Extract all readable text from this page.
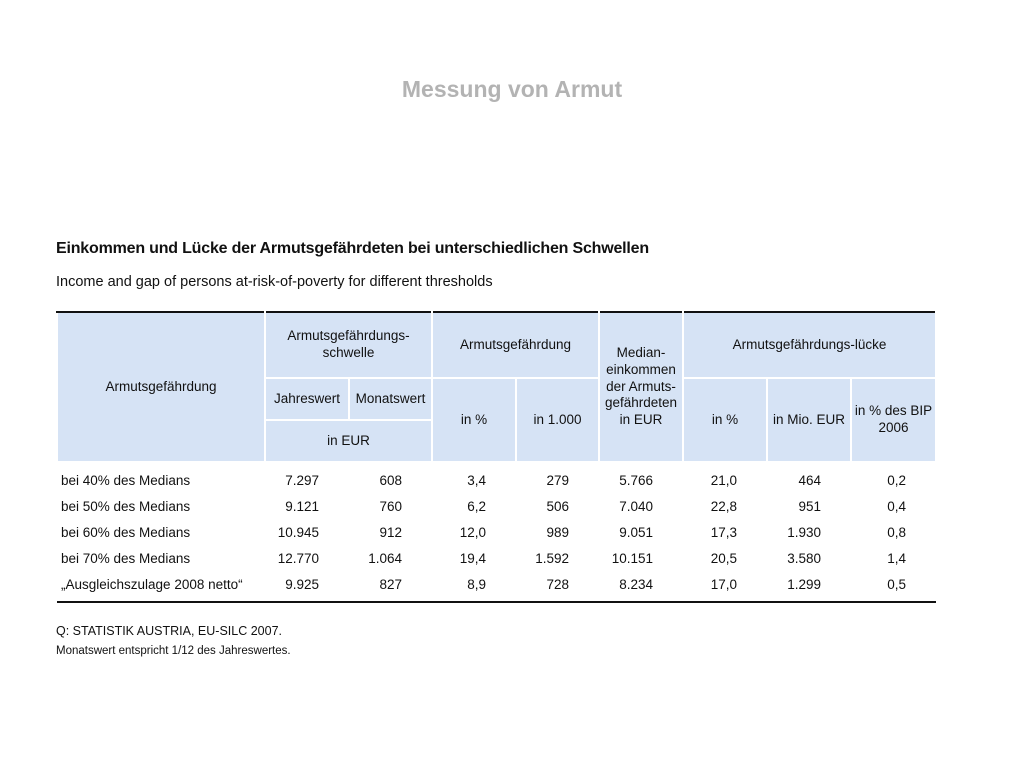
Messung von Armut
Einkommen und Lücke der Armutsgefährdeten bei unterschiedlichen Schwellen
Income and gap of persons at-risk-of-poverty for different thresholds
Armutsgefährdung	Armutsgefährdungs-schwelle		Armutsgefährdung		Median-einkommen der Armuts-gefährdeten in EUR	Armutsgefährdungs-lücke		
	Jahreswert	Monatswert	in %	in 1.000		in %	in Mio. EUR	in % des BIP 2006
	in EUR							
bei 40% des Medians	7.297	608	3,4	279	5.766	21,0	464	0,2
bei 50% des Medians	9.121	760	6,2	506	7.040	22,8	951	0,4
bei 60% des Medians	10.945	912	12,0	989	9.051	17,3	1.930	0,8
bei 70% des Medians	12.770	1.064	19,4	1.592	10.151	20,5	3.580	1,4
„Ausgleichszulage 2008 netto“	9.925	827	8,9	728	8.234	17,0	1.299	0,5
Q: STATISTIK AUSTRIA, EU-SILC 2007.
Monatswert entspricht 1/12 des Jahreswertes.
